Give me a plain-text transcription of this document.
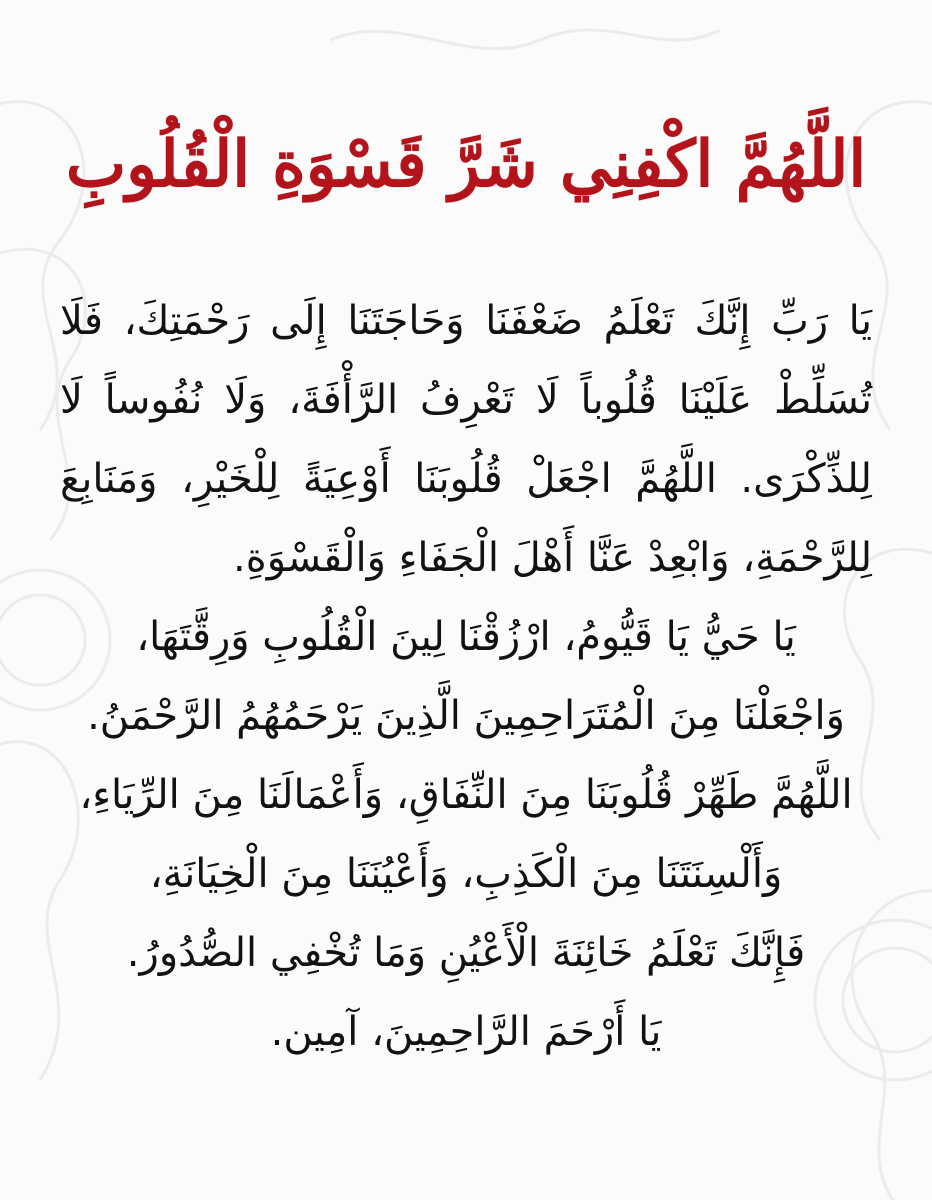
اللَّهُمَّ اكْفِنِي شَرَّ قَسْوَةِ الْقُلُوبِ
يَا رَبِّ إِنَّكَ تَعْلَمُ ضَعْفَنَا وَحَاجَتَنَا إِلَى رَحْمَتِكَ، فَلَا
تُسَلِّطْ عَلَيْنَا قُلُوباً لَا تَعْرِفُ الرَّأْفَةَ، وَلَا نُفُوساً لَا
لِلذِّكْرَى. اللَّهُمَّ اجْعَلْ قُلُوبَنَا أَوْعِيَةً لِلْخَيْرِ، وَمَنَابِعَ
لِلرَّحْمَةِ، وَابْعِدْ عَنَّا أَهْلَ الْجَفَاءِ وَالْقَسْوَةِ.
يَا حَيُّ يَا قَيُّومُ، ارْزُقْنَا لِينَ الْقُلُوبِ وَرِقَّتَهَا،
وَاجْعَلْنَا مِنَ الْمُتَرَاحِمِينَ الَّذِينَ يَرْحَمُهُمُ الرَّحْمَنُ.
اللَّهُمَّ طَهِّرْ قُلُوبَنَا مِنَ النِّفَاقِ، وَأَعْمَالَنَا مِنَ الرِّيَاءِ،
وَأَلْسِنَتَنَا مِنَ الْكَذِبِ، وَأَعْيُنَنَا مِنَ الْخِيَانَةِ،
فَإِنَّكَ تَعْلَمُ خَائِنَةَ الْأَعْيُنِ وَمَا تُخْفِي الصُّدُورُ.
يَا أَرْحَمَ الرَّاحِمِينَ، آمِين.
